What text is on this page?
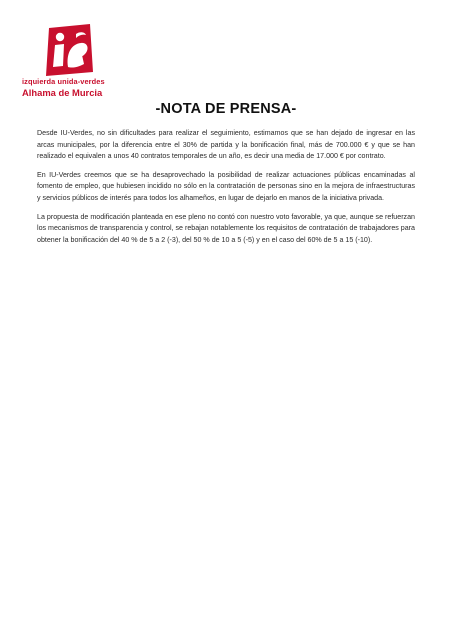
izquierda unida-verdes
Alhama de Murcia
-NOTA DE PRENSA-

Desde IU-Verdes, no sin dificultades para realizar el seguimiento, estimamos que se han dejado de ingresar en las arcas municipales, por la diferencia entre el 30% de partida y la bonificación final, más de 700.000 € y que se han realizado el equivalen a unos 40 contratos temporales de un año, es decir una media de 17.000 € por contrato.

En IU-Verdes creemos que se ha desaprovechado la posibilidad de realizar actuaciones públicas encaminadas al fomento de empleo, que hubiesen incidido no sólo en la contratación de personas sino en la mejora de infraestructuras y servicios públicos de interés para todos los alhameños, en lugar de dejarlo en manos de la iniciativa privada.

La propuesta de modificación planteada en ese pleno no contó con nuestro voto favorable, ya que, aunque se refuerzan los mecanismos de transparencia y control, se rebajan notablemente los requisitos de contratación de trabajadores para obtener la bonificación del 40 % de 5 a 2 (-3), del 50 % de 10 a 5 (-5) y en el caso del 60% de 5 a 15 (-10).
